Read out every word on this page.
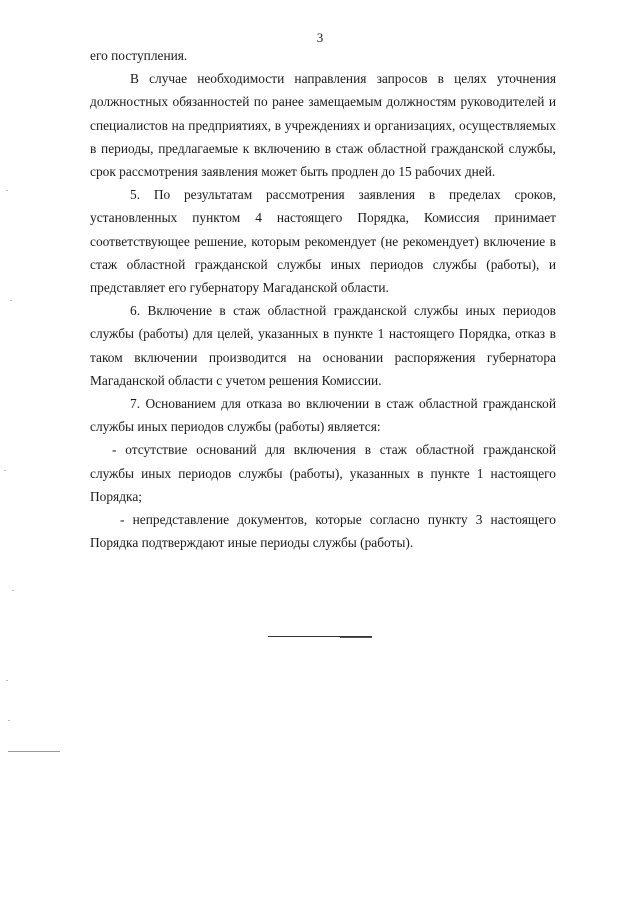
3

его поступления.

В случае необходимости направления запросов в целях уточнения должностных обязанностей по ранее замещаемым должностям руководителей и специалистов на предприятиях, в учреждениях и организациях, осуществляемых в периоды, предлагаемые к включению в стаж областной гражданской службы, срок рассмотрения заявления может быть продлен до 15 рабочих дней.

5. По результатам рассмотрения заявления в пределах сроков, установленных пунктом 4 настоящего Порядка, Комиссия принимает соответствующее решение, которым рекомендует (не рекомендует) включение в стаж областной гражданской службы иных периодов службы (работы), и представляет его губернатору Магаданской области.

6. Включение в стаж областной гражданской службы иных периодов службы (работы) для целей, указанных в пункте 1 настоящего Порядка, отказ в таком включении производится на основании распоряжения губернатора Магаданской области с учетом решения Комиссии.

7. Основанием для отказа во включении в стаж областной гражданской службы иных периодов службы (работы) является:

- отсутствие оснований для включения в стаж областной гражданской службы иных периодов службы (работы), указанных в пункте 1 настоящего Порядка;

- непредставление документов, которые согласно пункту 3 настоящего Порядка подтверждают иные периоды службы (работы).
